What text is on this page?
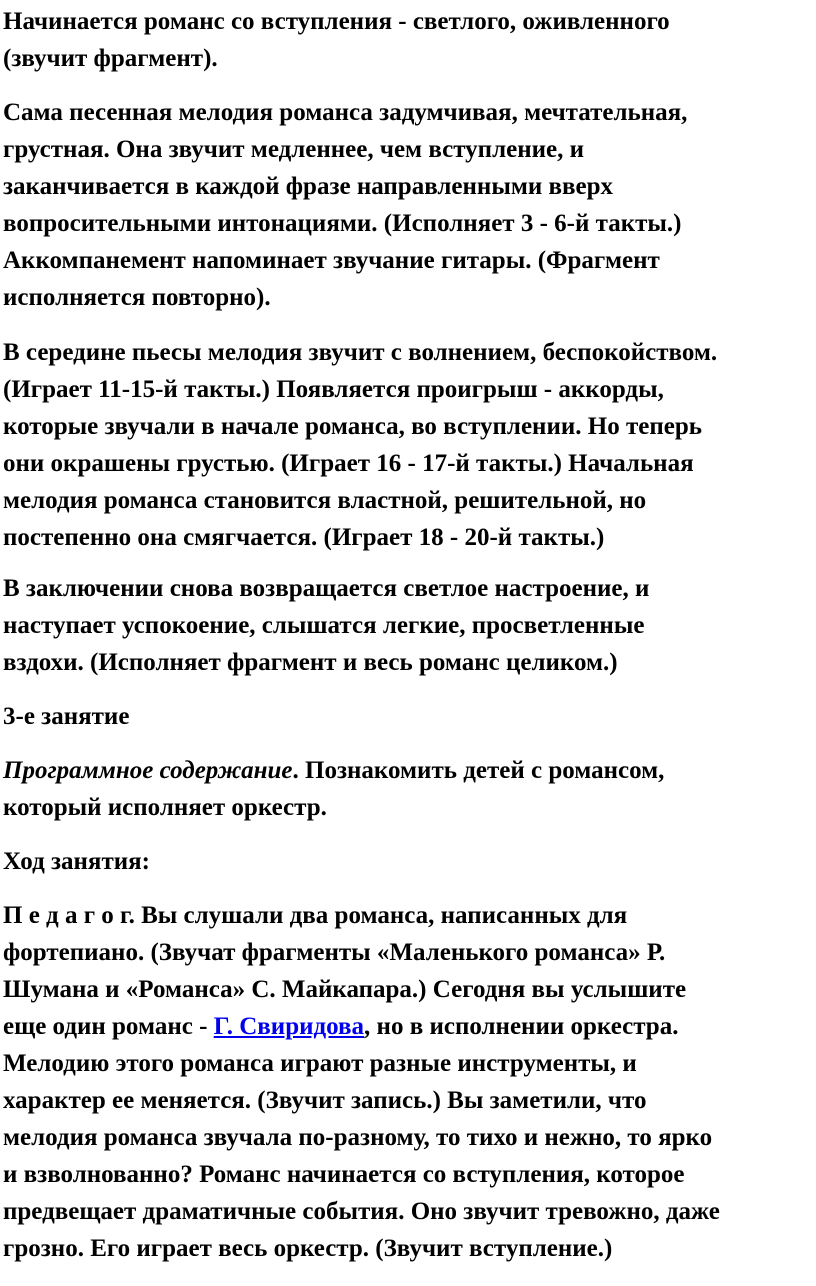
Начинается романс со вступления - светлого, оживленного
(звучит фрагмент).

Сама песенная мелодия романса задумчивая, мечтательная,
грустная. Она звучит медленнее, чем вступление, и
заканчивается в каждой фразе направленными вверх
вопросительными интонациями. (Исполняет 3 - 6-й такты.)
Аккомпанемент напоминает звучание гитары. (Фрагмент
исполняется повторно).

В середине пьесы мелодия звучит с волнением, беспокойством.
(Играет 11-15-й такты.) Появляется проигрыш - аккорды,
которые звучали в начале романса, во вступлении. Но теперь
они окрашены грустью. (Играет 16 - 17-й такты.) Начальная
мелодия романса становится властной, решительной, но
постепенно она смягчается. (Играет 18 - 20-й такты.)

В заключении снова возвращается светлое настроение, и
наступает успокоение, слышатся легкие, просветленные
вздохи. (Исполняет фрагмент и весь романс целиком.)

3-е занятие

Программное содержание. Познакомить детей с романсом,
который исполняет оркестр.

Ход занятия:

П е д а г о г. Вы слушали два романса, написанных для
фортепиано. (Звучат фрагменты «Маленького романса» Р.
Шумана и «Романса» С. Майкапара.) Сегодня вы услышите
еще один романс - Г. Свиридова, но в исполнении оркестра.
Мелодию этого романса играют разные инструменты, и
характер ее меняется. (Звучит запись.) Вы заметили, что
мелодия романса звучала по-разному, то тихо и нежно, то ярко
и взволнованно? Романс начинается со вступления, которое
предвещает драматичные события. Оно звучит тревожно, даже
грозно. Его играет весь оркестр. (Звучит вступление.)
